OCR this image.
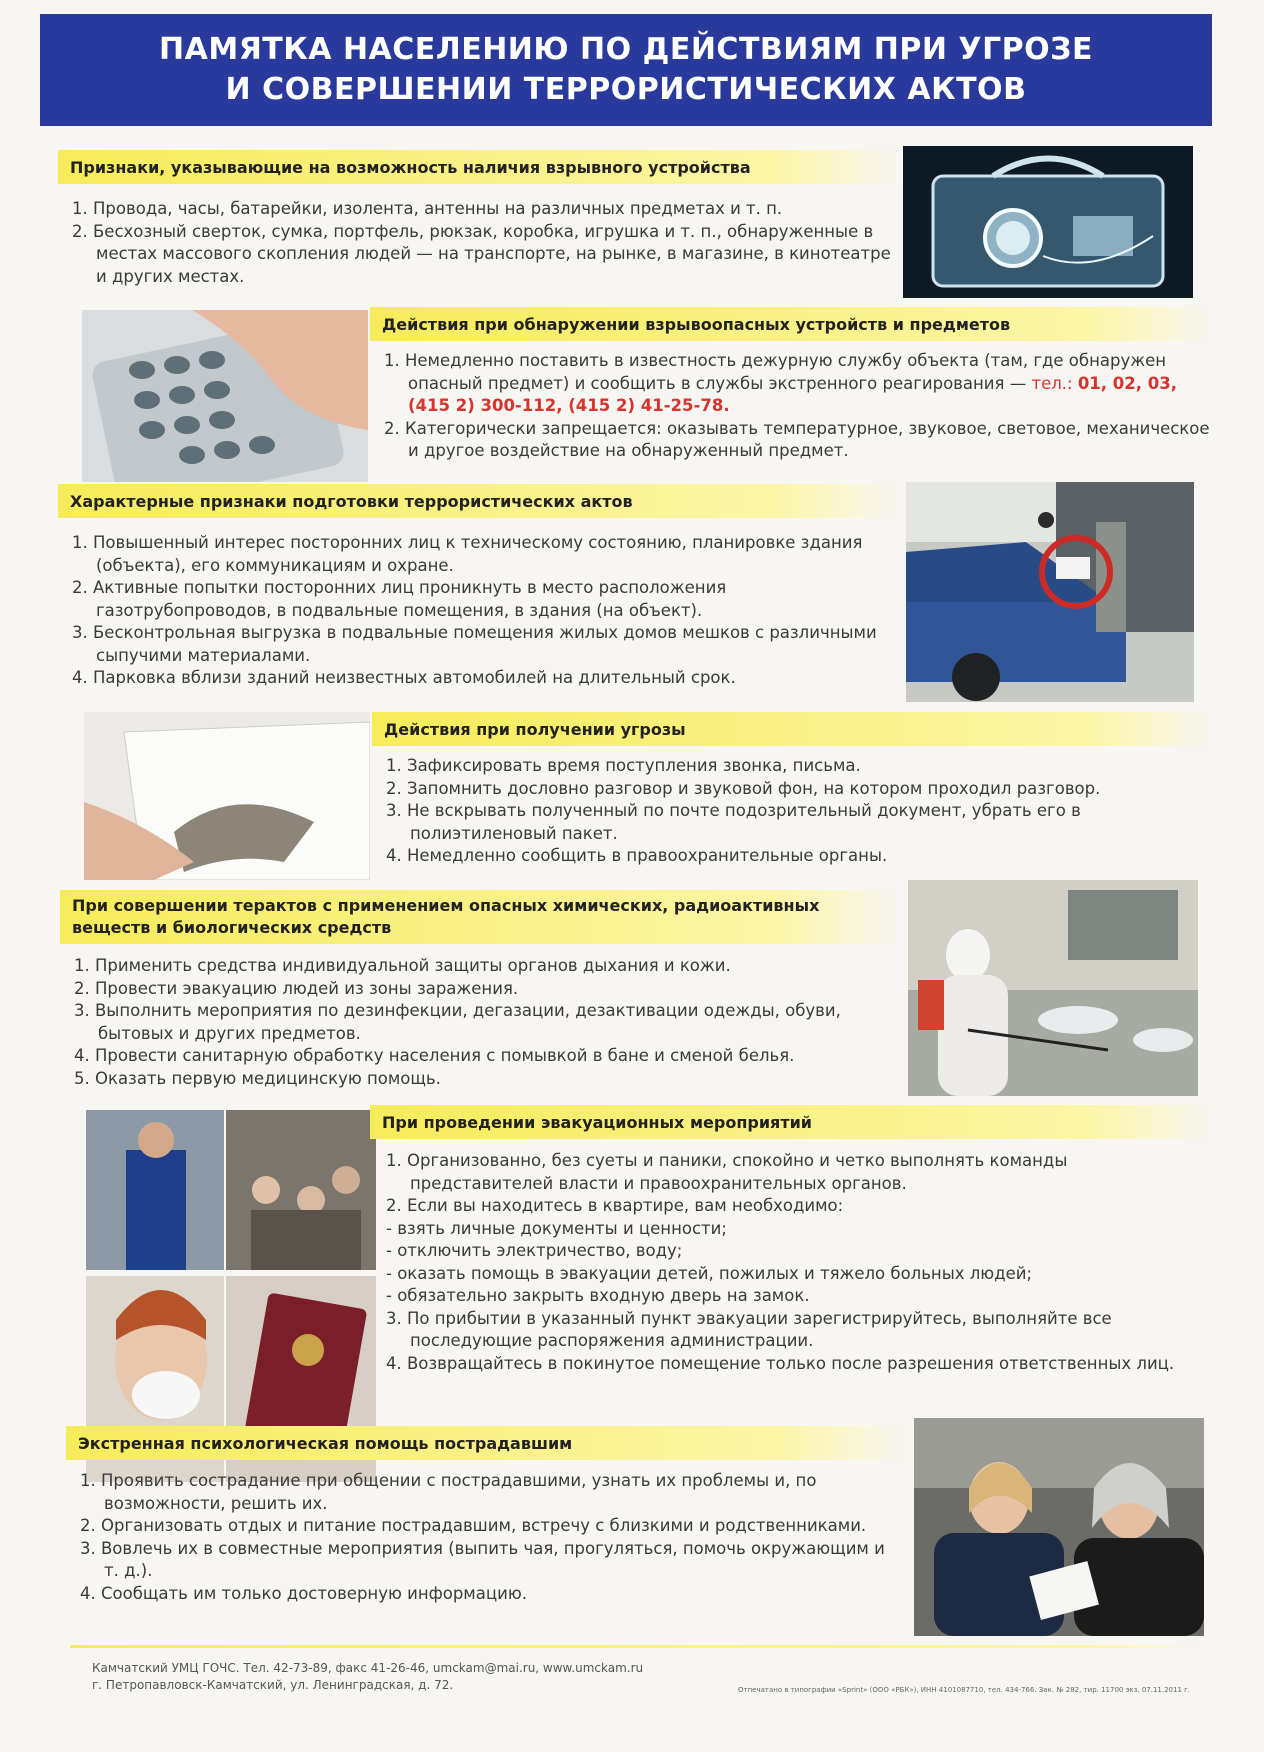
ПАМЯТКА НАСЕЛЕНИЮ ПО ДЕЙСТВИЯМ ПРИ УГРОЗЕ
И СОВЕРШЕНИИ ТЕРРОРИСТИЧЕСКИХ АКТОВ
Признаки, указывающие на возможность наличия взрывного устройства
1. Провода, часы, батарейки, изолента, антенны на различных предметах и т. п.
2. Бесхозный сверток, сумка, портфель, рюкзак, коробка, игрушка и т. п., обнаруженные в местах массового скопления людей — на транспорте, на рынке, в магазине, в кинотеатре и других местах.
Действия при обнаружении взрывоопасных устройств и предметов
1. Немедленно поставить в известность дежурную службу объекта (там, где обнаружен опасный предмет) и сообщить в службы экстренного реагирования — тел.: 01, 02, 03, (415 2) 300-112, (415 2) 41-25-78.
2. Категорически запрещается: оказывать температурное, звуковое, световое, механическое и другое воздействие на обнаруженный предмет.
Характерные признаки подготовки террористических актов
1. Повышенный интерес посторонних лиц к техническому состоянию, планировке здания (объекта), его коммуникациям и охране.
2. Активные попытки посторонних лиц проникнуть в место расположения газотрубопроводов, в подвальные помещения, в здания (на объект).
3. Бесконтрольная выгрузка в подвальные помещения жилых домов мешков с различными сыпучими материалами.
4. Парковка вблизи зданий неизвестных автомобилей на длительный срок.
Действия при получении угрозы
1. Зафиксировать время поступления звонка, письма.
2. Запомнить дословно разговор и звуковой фон, на котором проходил разговор.
3. Не вскрывать полученный по почте подозрительный документ, убрать его в полиэтиленовый пакет.
4. Немедленно сообщить в правоохранительные органы.
При совершении терактов с применением опасных химических, радиоактивных веществ и биологических средств
1. Применить средства индивидуальной защиты органов дыхания и кожи.
2. Провести эвакуацию людей из зоны заражения.
3. Выполнить мероприятия по дезинфекции, дегазации, дезактивации одежды, обуви, бытовых и других предметов.
4. Провести санитарную обработку населения с помывкой в бане и сменой белья.
5. Оказать первую медицинскую помощь.
При проведении эвакуационных мероприятий
1. Организованно, без суеты и паники, спокойно и четко выполнять команды представителей власти и правоохранительных органов.
2. Если вы находитесь в квартире, вам необходимо:
- взять личные документы и ценности;
- отключить электричество, воду;
- оказать помощь в эвакуации детей, пожилых и тяжело больных людей;
- обязательно закрыть входную дверь на замок.
3. По прибытии в указанный пункт эвакуации зарегистрируйтесь, выполняйте все последующие распоряжения администрации.
4. Возвращайтесь в покинутое помещение только после разрешения ответственных лиц.
Экстренная психологическая помощь пострадавшим
1. Проявить сострадание при общении с пострадавшими, узнать их проблемы и, по возможности, решить их.
2. Организовать отдых и питание пострадавшим, встречу с близкими и родственниками.
3. Вовлечь их в совместные мероприятия (выпить чая, прогуляться, помочь окружающим и т. д.).
4. Сообщать им только достоверную информацию.
Камчатский УМЦ ГОЧС. Тел. 42-73-89, факс 41-26-46, umckam@mai.ru, www.umckam.ru
г. Петропавловск-Камчатский, ул. Ленинградская, д. 72.	Отпечатано в типографии «Sprint» (ООО «РБК»), ИНН 4101087710, тел. 434-766. Зак. № 282, тир. 11700 экз. 07.11.2011 г.
